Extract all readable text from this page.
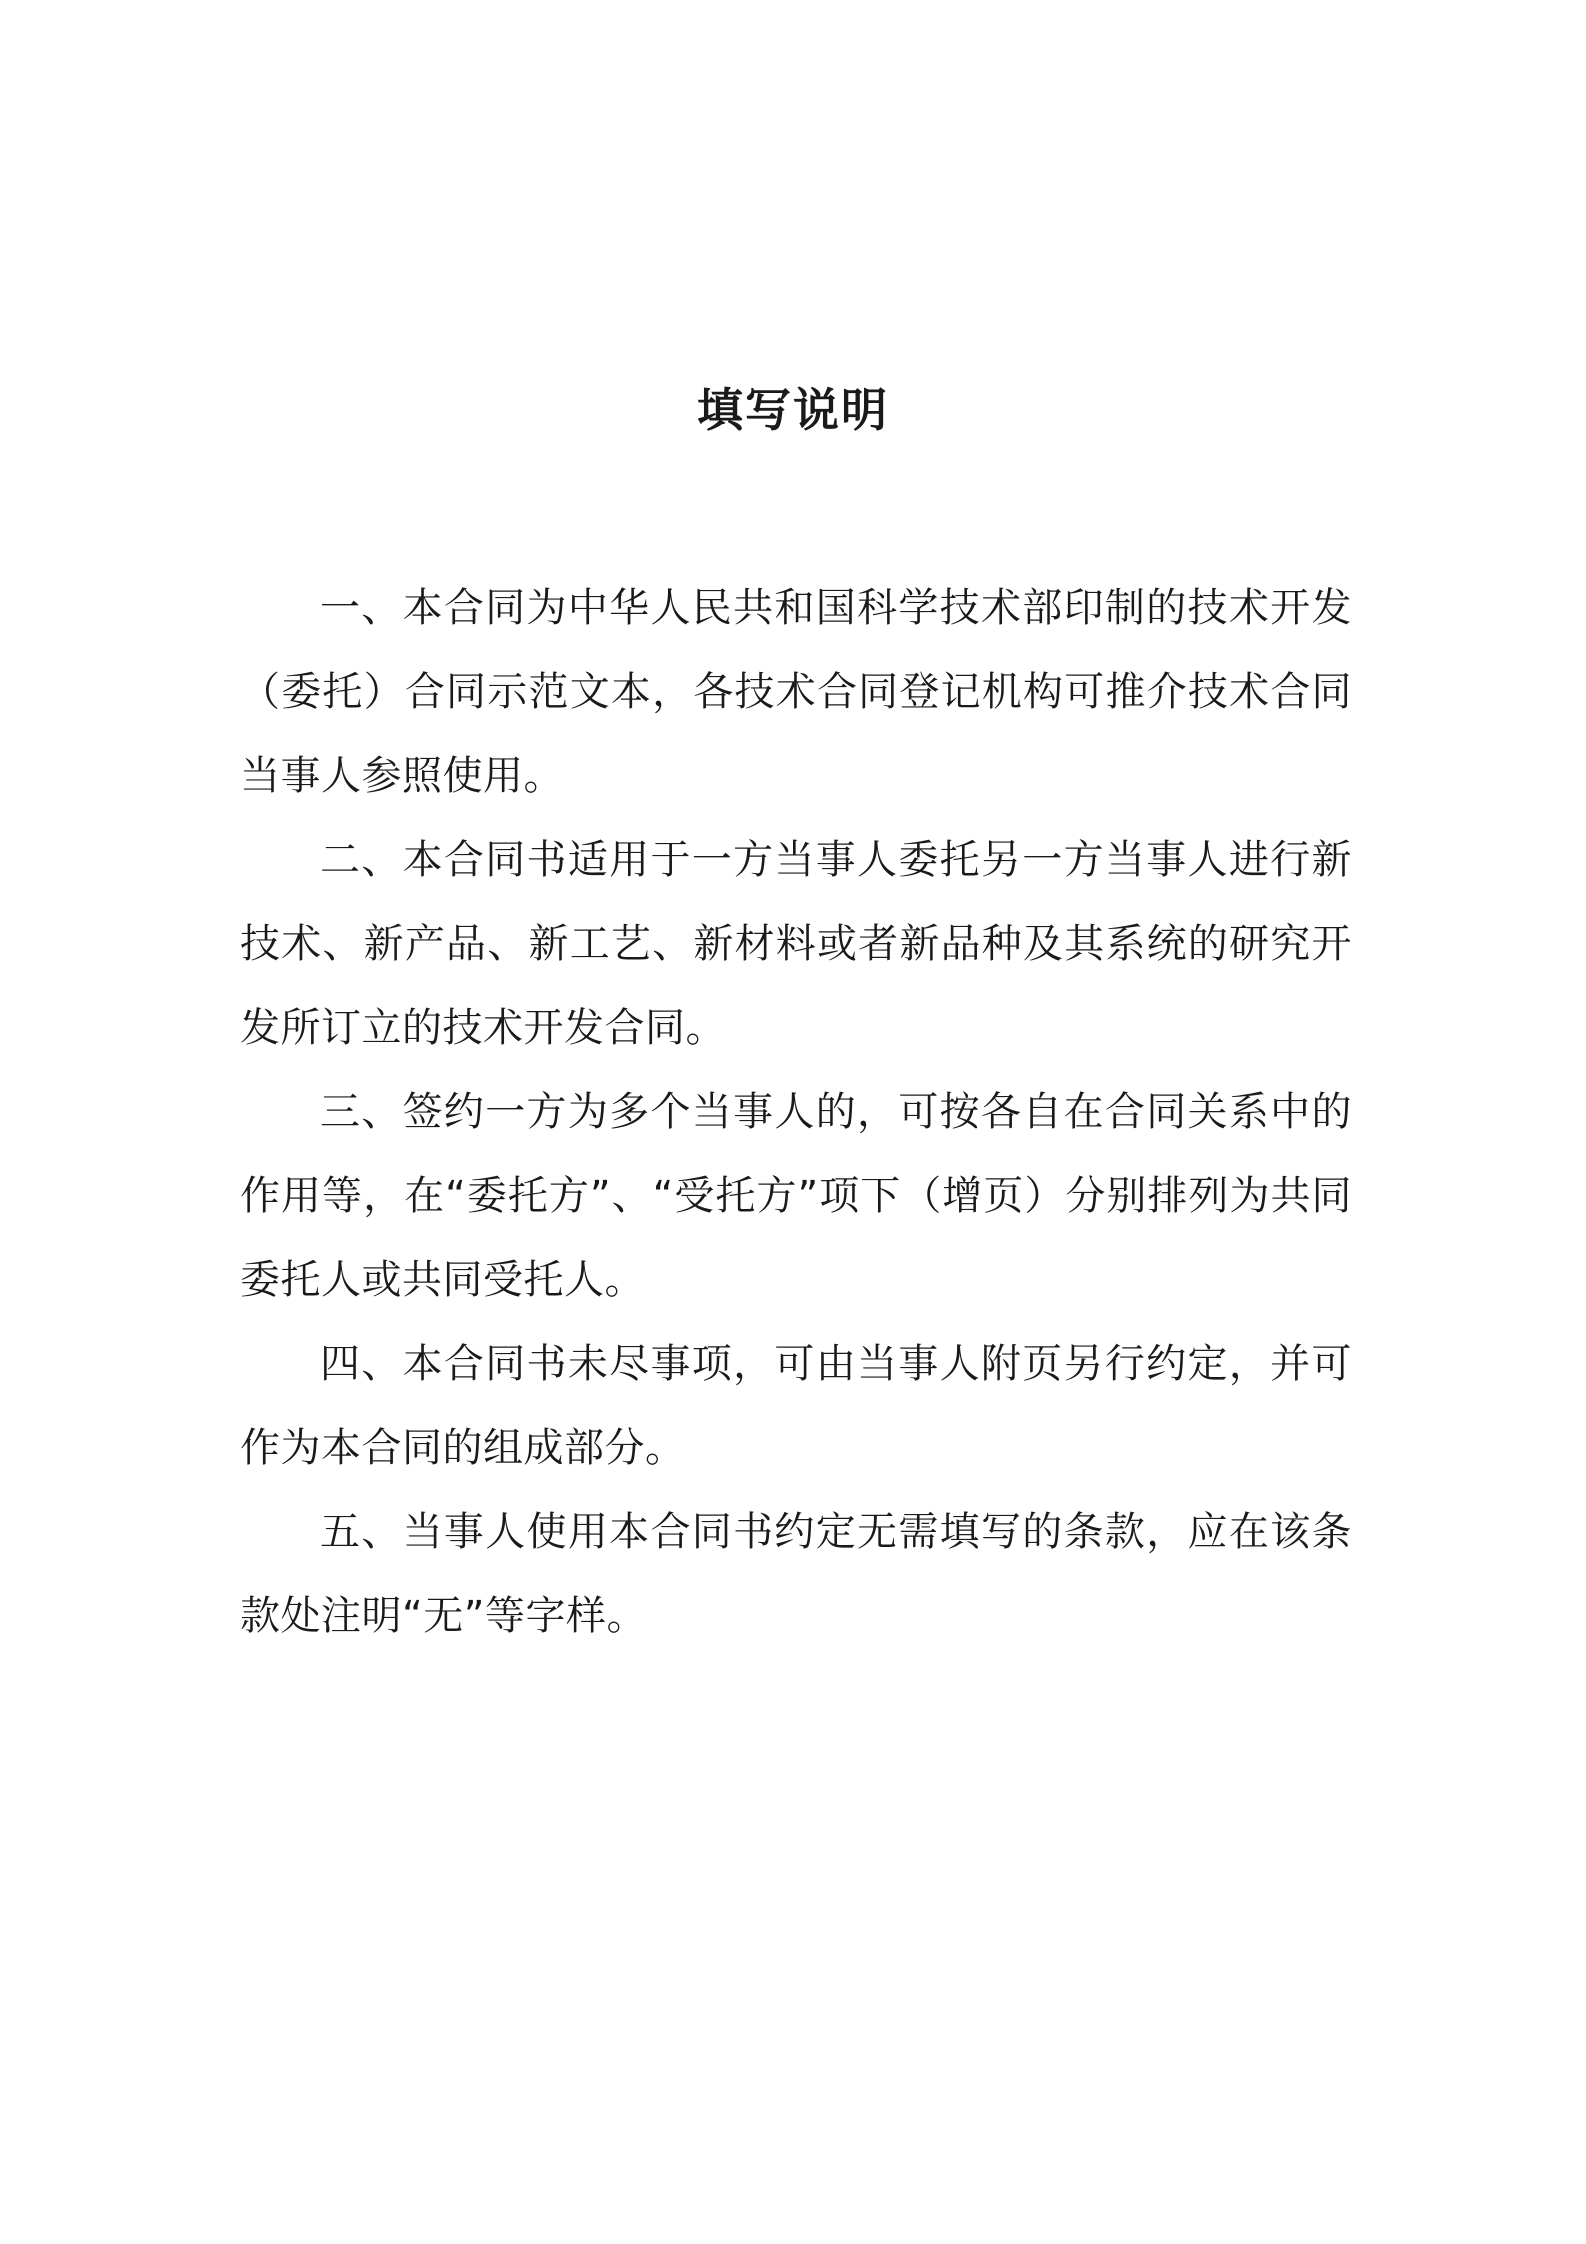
填写说明

一、本合同为中华人民共和国科学技术部印制的技术开发（委托）合同示范文本，各技术合同登记机构可推介技术合同当事人参照使用。

二、本合同书适用于一方当事人委托另一方当事人进行新技术、新产品、新工艺、新材料或者新品种及其系统的研究开发所订立的技术开发合同。

三、签约一方为多个当事人的，可按各自在合同关系中的作用等，在“委托方”、“受托方”项下（增页）分别排列为共同委托人或共同受托人。

四、本合同书未尽事项，可由当事人附页另行约定，并可作为本合同的组成部分。

五、当事人使用本合同书约定无需填写的条款，应在该条款处注明“无”等字样。
